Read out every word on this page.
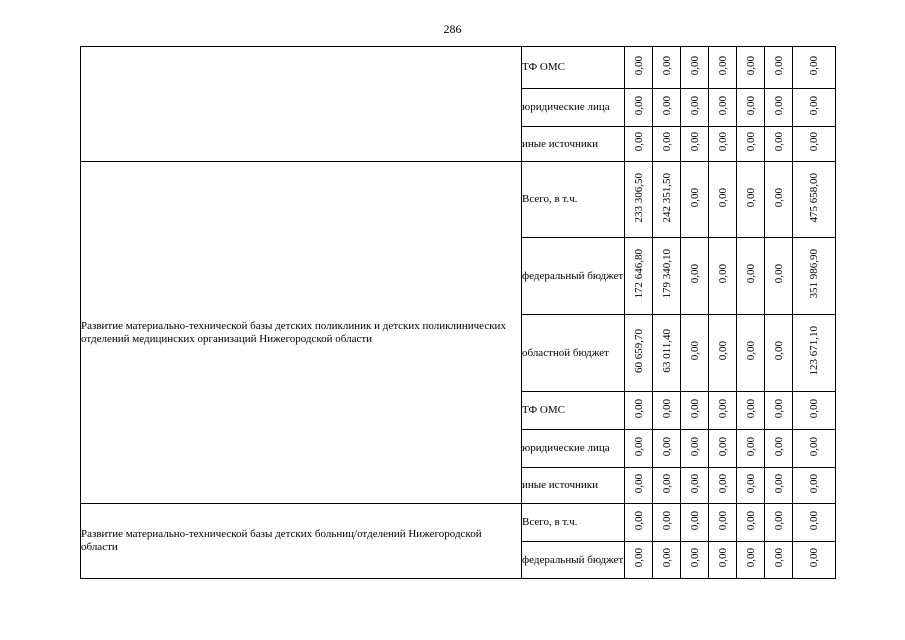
286
	ТФ ОМС	0,00	0,00	0,00	0,00	0,00	0,00	0,00
	юридические лица	0,00	0,00	0,00	0,00	0,00	0,00	0,00
	иные источники	0,00	0,00	0,00	0,00	0,00	0,00	0,00
Развитие материально-технической базы детских поликлиник и детских поликлинических отделений медицинских организаций Нижегородской области	Всего, в т.ч.	233 306,50	242 351,50	0,00	0,00	0,00	0,00	475 658,00
	федеральный бюджет	172 646,80	179 340,10	0,00	0,00	0,00	0,00	351 986,90
	областной бюджет	60 659,70	63 011,40	0,00	0,00	0,00	0,00	123 671,10
	ТФ ОМС	0,00	0,00	0,00	0,00	0,00	0,00	0,00
	юридические лица	0,00	0,00	0,00	0,00	0,00	0,00	0,00
	иные источники	0,00	0,00	0,00	0,00	0,00	0,00	0,00
Развитие материально-технической базы детских больниц/отделений Нижегородской области	Всего, в т.ч.	0,00	0,00	0,00	0,00	0,00	0,00	0,00
	федеральный бюджет	0,00	0,00	0,00	0,00	0,00	0,00	0,00
